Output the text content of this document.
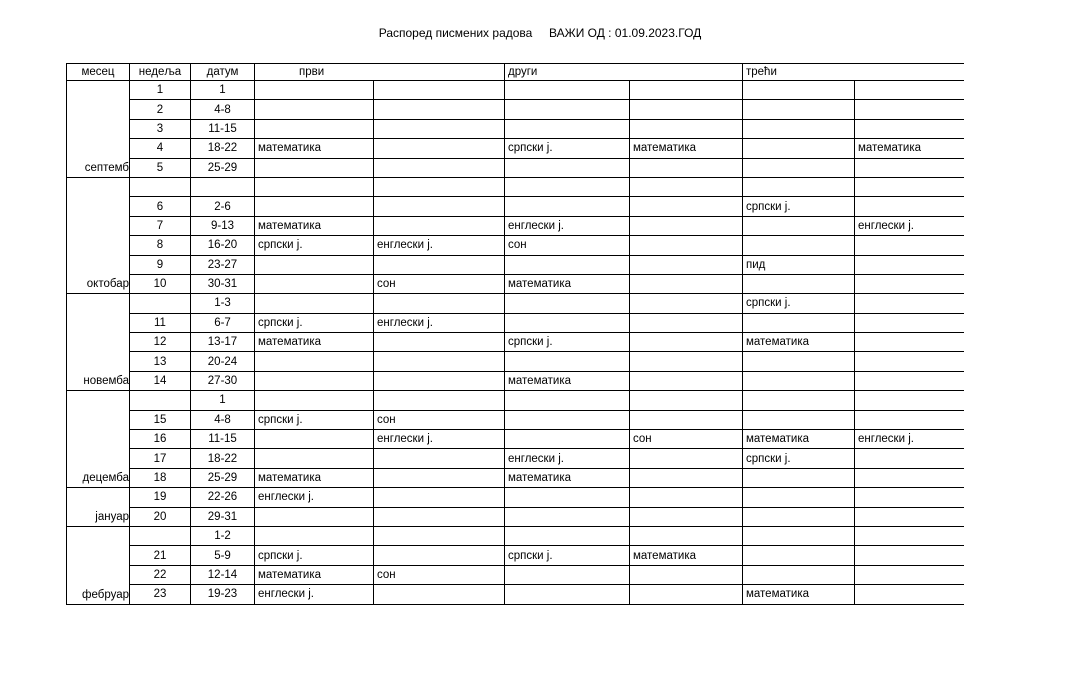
Распоред писмених радова     ВАЖИ ОД : 01.09.2023.ГОД
месец	недеља	датум	први		други		трећи	
септемб	1	1						
	2	4-8						
	3	11-15						
	4	18-22	математика		српски ј.	математика		математика
	5	25-29						
октобар								
	6	2-6					српски ј.	
	7	9-13	математика		енглески ј.			енглески ј.
	8	16-20	српски ј.	енглески ј.	сон			
	9	23-27					пид	
	10	30-31		сон	математика			
новемба		1-3					српски ј.	
	11	6-7	српски ј.	енглески ј.				
	12	13-17	математика		српски ј.		математика	
	13	20-24						
	14	27-30			математика			
децемба		1						
	15	4-8	српски ј.	сон				
	16	11-15		енглески ј.		сон	математика	енглески ј.
	17	18-22			енглески ј.		српски ј.	
	18	25-29	математика		математика			
јануар	19	22-26	енглески ј.					
	20	29-31						
фебруар		1-2						
	21	5-9	српски ј.		српски ј.	математика		
	22	12-14	математика	сон				
	23	19-23	енглески ј.				математика	
